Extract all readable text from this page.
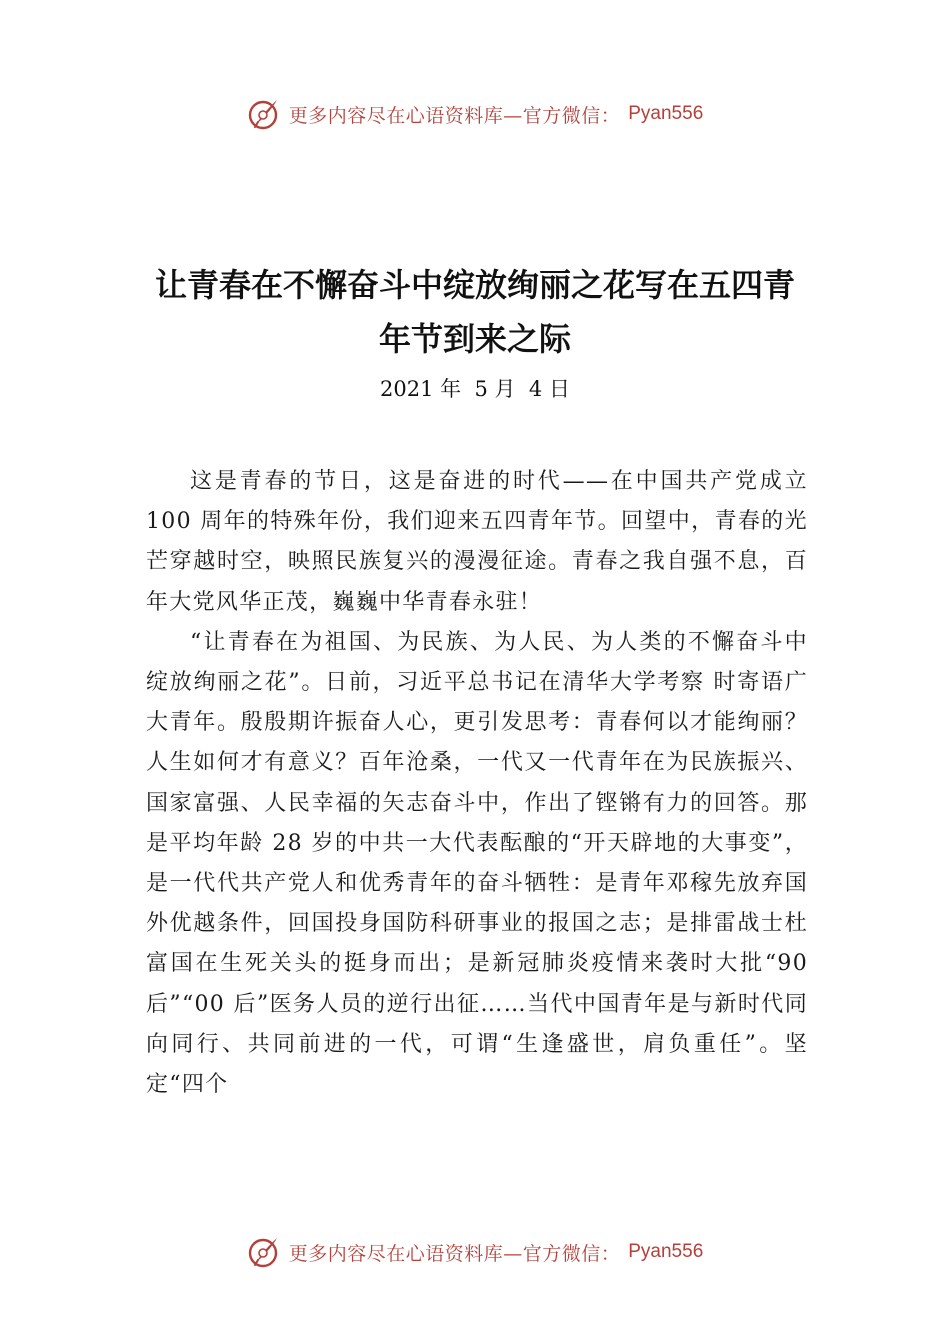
更多内容尽在心语资料库—官方微信： Pyan556
让青春在不懈奋斗中绽放绚丽之花写在五四青年节到来之际
2021 年  5 月  4 日

这是青春的节日，这是奋进的时代——在中国共产党成立 100 周年的特殊年份，我们迎来五四青年节。回望中，青春的光芒穿越时空，映照民族复兴的漫漫征途。青春之我自强不息，百年大党风华正茂，巍巍中华青春永驻！

“让青春在为祖国、为民族、为人民、为人类的不懈奋斗中绽放绚丽之花”。日前，习近平总书记在清华大学考察 时寄语广大青年。殷殷期许振奋人心，更引发思考：青春何以才能绚丽？人生如何才有意义？百年沧桑，一代又一代青年在为民族振兴、国家富强、人民幸福的矢志奋斗中，作出了铿锵有力的回答。那是平均年龄 28 岁的中共一大代表酝酿的“开天辟地的大事变”，是一代代共产党人和优秀青年的奋斗牺牲：是青年邓稼先放弃国外优越条件，回国投身国防科研事业的报国之志；是排雷战士杜富国在生死关头的挺身而出；是新冠肺炎疫情来袭时大批“90 后”“00 后”医务人员的逆行出征……当代中国青年是与新时代同向同行、共同前进的一代，可谓“生逢盛世，肩负重任”。坚定“四个

更多内容尽在心语资料库—官方微信： Pyan556
